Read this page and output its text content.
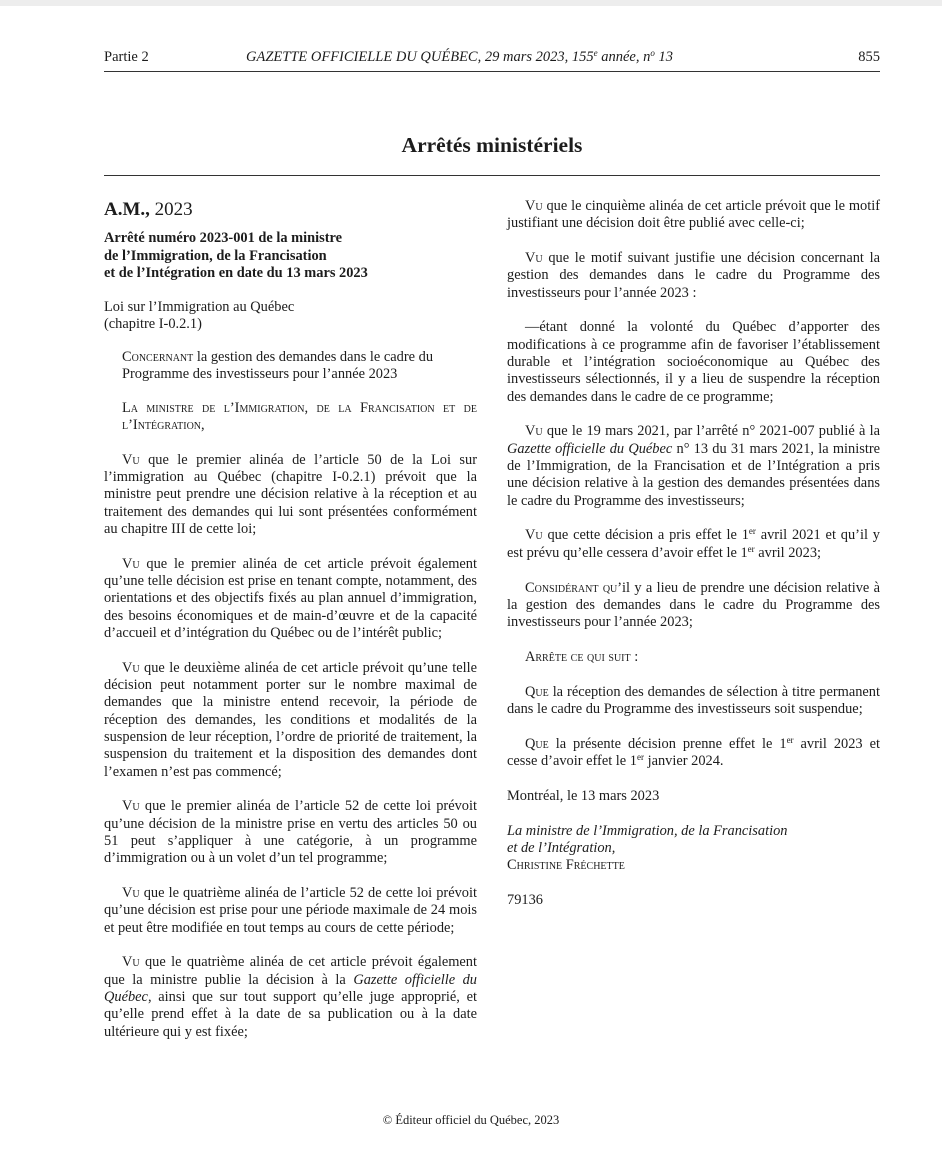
Partie 2	GAZETTE OFFICIELLE DU QUÉBEC, 29 mars 2023, 155e année, $n^o$ 13	855
Arrêtés ministériels

A.M., 2023

Arrêté numéro 2023-001 de la ministre
de l’Immigration, de la Francisation
et de l’Intégration en date du 13 mars 2023

Loi sur l’Immigration au Québec
(chapitre I-0.2.1)

Concernant la gestion des demandes dans le cadre du Programme des investisseurs pour l’année 2023

La ministre de l’Immigration, de la Francisation et de l’Intégration,

Vu que le premier alinéa de l’article 50 de la Loi sur l’immigration au Québec (chapitre I-0.2.1) prévoit que la ministre peut prendre une décision relative à la réception et au traitement des demandes qui lui sont présentées conformément au chapitre III de cette loi;

Vu que le premier alinéa de cet article prévoit également qu’une telle décision est prise en tenant compte, notamment, des orientations et des objectifs fixés au plan annuel d’immigration, des besoins économiques et de main-d’œuvre et de la capacité d’accueil et d’intégration du Québec ou de l’intérêt public;

Vu que le deuxième alinéa de cet article prévoit qu’une telle décision peut notamment porter sur le nombre maximal de demandes que la ministre entend recevoir, la période de réception des demandes, les conditions et modalités de la suspension de leur réception, l’ordre de priorité de traitement, la suspension du traitement et la disposition des demandes dont l’examen n’est pas commencé;

Vu que le premier alinéa de l’article 52 de cette loi prévoit qu’une décision de la ministre prise en vertu des articles 50 ou 51 peut s’appliquer à une catégorie, à un programme d’immigration ou à un volet d’un tel programme;

Vu que le quatrième alinéa de l’article 52 de cette loi prévoit qu’une décision est prise pour une période maximale de 24 mois et peut être modifiée en tout temps au cours de cette période;

Vu que le quatrième alinéa de cet article prévoit également que la ministre publie la décision à la Gazette officielle du Québec, ainsi que sur tout support qu’elle juge approprié, et qu’elle prend effet à la date de sa publication ou à la date ultérieure qui y est fixée;

Vu que le cinquième alinéa de cet article prévoit que le motif justifiant une décision doit être publié avec celle-ci;

Vu que le motif suivant justifie une décision concernant la gestion des demandes dans le cadre du Programme des investisseurs pour l’année 2023 :

—étant donné la volonté du Québec d’apporter des modifications à ce programme afin de favoriser l’établissement durable et l’intégration socioéconomique au Québec des investisseurs sélectionnés, il y a lieu de suspendre la réception des demandes dans le cadre de ce programme;

Vu que le 19 mars 2021, par l’arrêté n° 2021-007 publié à la Gazette officielle du Québec n° 13 du 31 mars 2021, la ministre de l’Immigration, de la Francisation et de l’Intégration a pris une décision relative à la gestion des demandes présentées dans le cadre du Programme des investisseurs;

Vu que cette décision a pris effet le 1er avril 2021 et qu’il y est prévu qu’elle cessera d’avoir effet le 1er avril 2023;

Considérant qu’il y a lieu de prendre une décision relative à la gestion des demandes dans le cadre du Programme des investisseurs pour l’année 2023;

Arrête ce qui suit :

Que la réception des demandes de sélection à titre permanent dans le cadre du Programme des investisseurs soit suspendue;

Que la présente décision prenne effet le 1er avril 2023 et cesse d’avoir effet le 1er janvier 2024.

Montréal, le 13 mars 2023

La ministre de l’Immigration, de la Francisation
et de l’Intégration,
Christine Fréchette

79136

© Éditeur officiel du Québec, 2023
